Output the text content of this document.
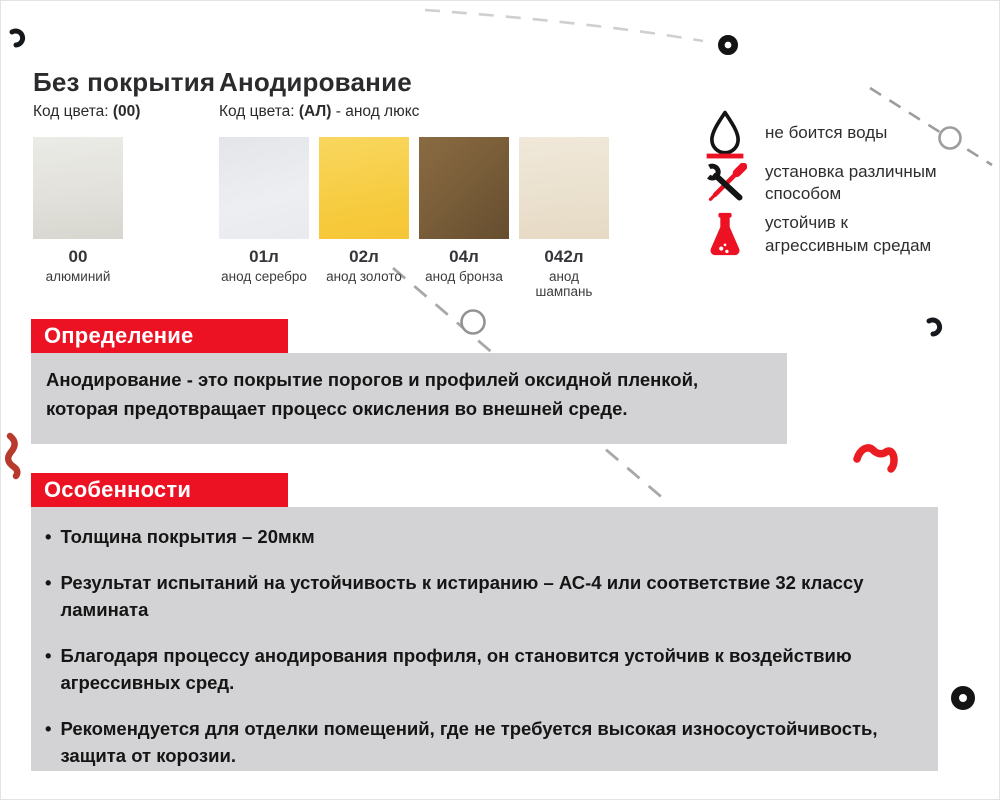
Без покрытия
Код цвета: (00)
Анодирование
Код цвета: (АЛ) - анод люкс
00
алюминий
01л
анод серебро
02л
анод золото
04л
анод бронза
042л
анод шампань
не боится воды
установка различным способом
устойчив к агрессивным средам
Определение
Анодирование - это покрытие порогов и профилей оксидной пленкой, которая предотвращает процесс окисления во внешней среде.
Особенности
• Толщина покрытия – 20мкм
• Результат испытаний на устойчивость к истиранию – АС-4 или соответствие 32 классу ламината
• Благодаря процессу анодирования профиля, он становится устойчив к воздействию агрессивных сред.
• Рекомендуется для отделки помещений, где не требуется высокая износоустойчивость, защита от корозии.
